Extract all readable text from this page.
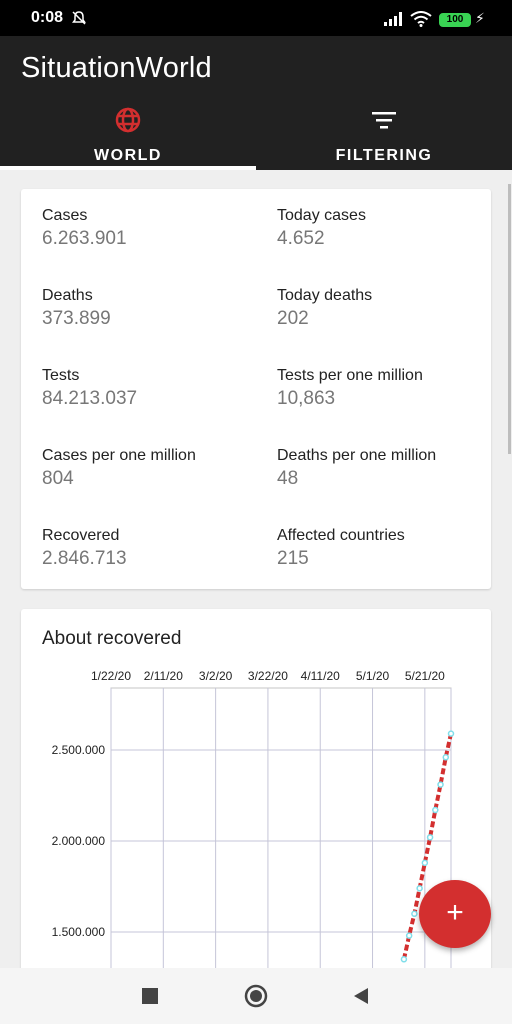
0:08	100 ⚡
SituationWorld
WORLD	FILTERING
Cases
6.263.901
Today cases
4.652
Deaths
373.899
Today deaths
202
Tests
84.213.037
Tests per one million
10,863
Cases per one million
804
Deaths per one million
48
Recovered
2.846.713
Affected countries
215
About recovered
1/22/20 2/11/20 3/2/20 3/22/20 4/11/20 5/1/20 5/21/20
2.500.000
2.000.000
1.500.000
+
